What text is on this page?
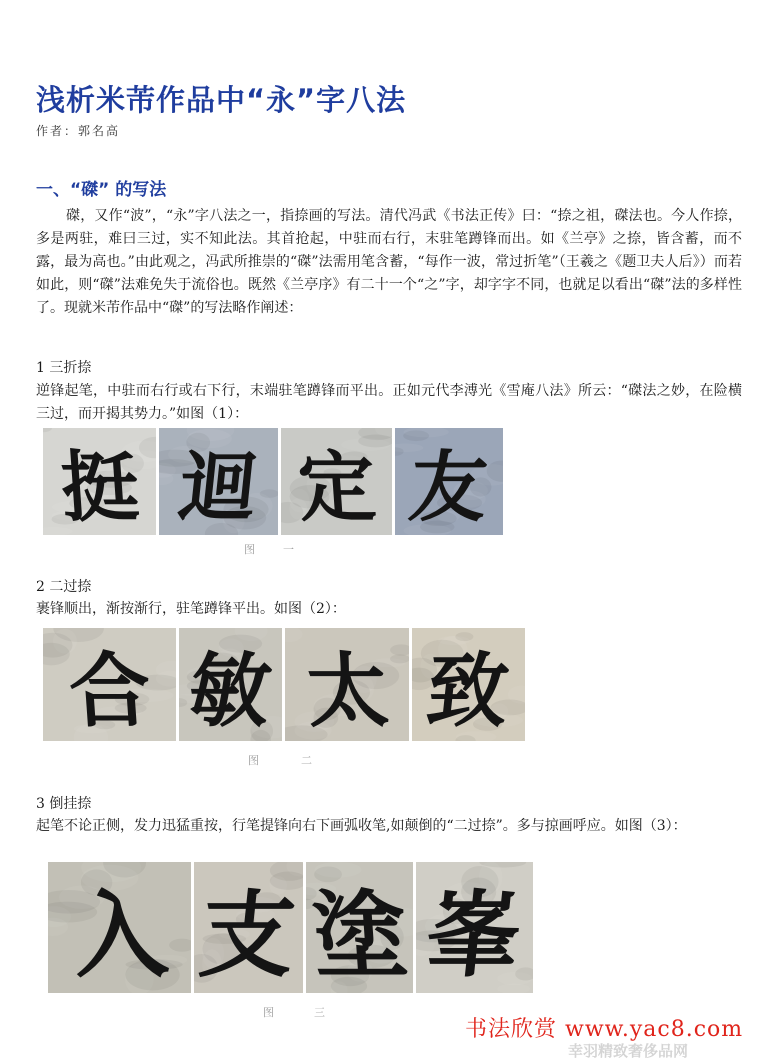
浅析米芾作品中“永”字八法
作者：郭名高
一、“磔” 的写法

磔，又作“波”，“永”字八法之一，指捺画的写法。清代冯武《书法正传》曰：“捺之祖，磔法也。今人作捺，多是两驻，难曰三过，实不知此法。其首抢起，中驻而右行，末驻笔蹲锋而出。如《兰亭》之捺，皆含蓄，而不露，最为高也。”由此观之，冯武所推崇的“磔”法需用笔含蓄，“每作一波，常过折笔”（王羲之《题卫夫人后》）而若如此，则“磔”法难免失于流俗也。既然《兰亭序》有二十一个“之”字，却字字不同，也就足以看出“磔”法的多样性了。现就米芾作品中“磔”的写法略作阐述：

1 三折捺

逆锋起笔，中驻而右行或右下行，末端驻笔蹲锋而平出。正如元代李溥光《雪庵八法》所云：“磔法之妙，在险横三过，而开揭其势力。”如图（1）：

挺 迴 定 友
图一
2 二过捺

裹锋顺出，渐按渐行，驻笔蹲锋平出。如图（2）：

合 敏 太 致
图二
3 倒挂捺

起笔不论正侧，发力迅猛重按，行笔提锋向右下画弧收笔,如颠倒的“二过捺”。多与掠画呼应。如图（3）：

入 支 塗 峯
图三
书法欣赏 www.yac8.com
幸羽精致奢侈品网
